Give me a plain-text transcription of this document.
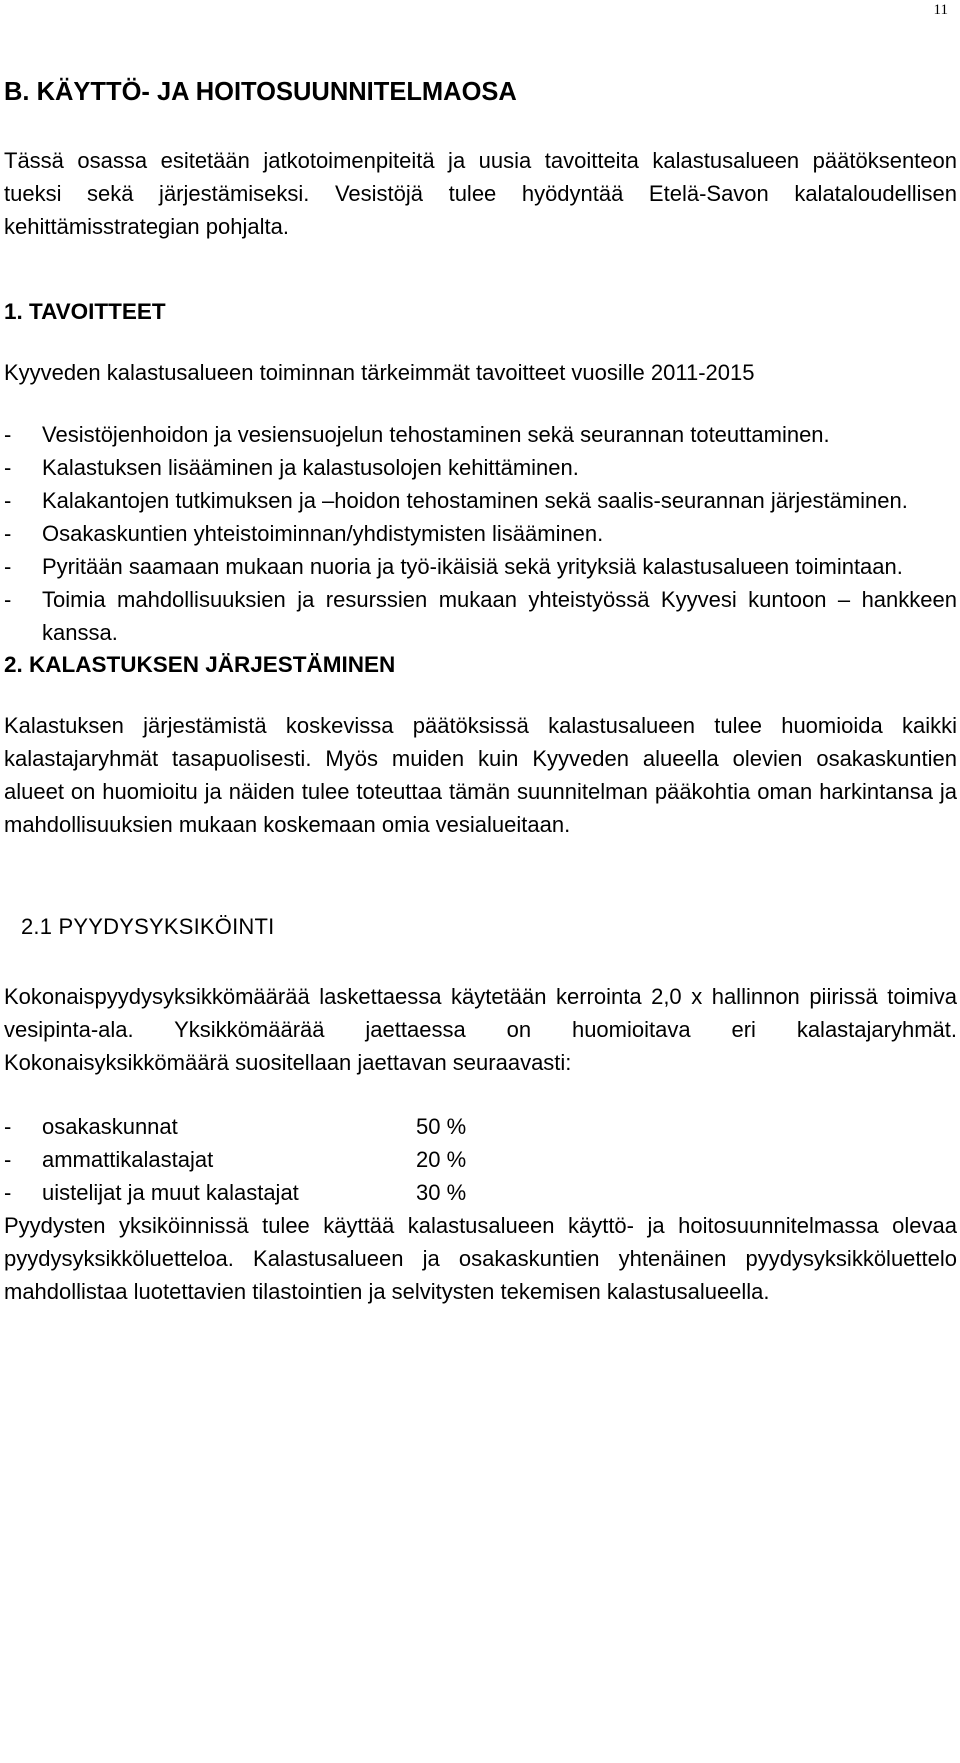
11
B. KÄYTTÖ- JA HOITOSUUNNITELMAOSA

Tässä osassa esitetään jatkotoimenpiteitä ja uusia tavoitteita kalastusalueen päätöksenteon tueksi sekä järjestämiseksi. Vesistöjä tulee hyödyntää Etelä-Savon kalataloudellisen kehittämisstrategian pohjalta.

1. TAVOITTEET

Kyyveden kalastusalueen toiminnan tärkeimmät tavoitteet vuosille 2011-2015

- Vesistöjenhoidon ja vesiensuojelun tehostaminen sekä seurannan toteuttaminen.
- Kalastuksen lisääminen ja kalastusolojen kehittäminen.
- Kalakantojen tutkimuksen ja –hoidon tehostaminen sekä saalis-seurannan järjestäminen.
- Osakaskuntien yhteistoiminnan/yhdistymisten lisääminen.
- Pyritään saamaan mukaan nuoria ja työ-ikäisiä sekä yrityksiä kalastusalueen toimintaan.
- Toimia mahdollisuuksien ja resurssien mukaan yhteistyössä Kyyvesi kuntoon – hankkeen kanssa.
2. KALASTUKSEN JÄRJESTÄMINEN

Kalastuksen järjestämistä koskevissa päätöksissä kalastusalueen tulee huomioida kaikki kalastajaryhmät tasapuolisesti. Myös muiden kuin Kyyveden alueella olevien osakaskuntien alueet on huomioitu ja näiden tulee toteuttaa tämän suunnitelman pääkohtia oman harkintansa ja mahdollisuuksien mukaan koskemaan omia vesialueitaan.

2.1 PYYDYSYKSIKÖINTI

Kokonaispyydysyksikkömäärää laskettaessa käytetään kerrointa 2,0 x hallinnon piirissä toimiva vesipinta-ala. Yksikkömäärää jaettaessa on huomioitava eri kalastajaryhmät. Kokonaisyksikkömäärä suositellaan jaettavan seuraavasti:

- osakaskunnat	50 %
- ammattikalastajat	20 %
- uistelijat ja muut kalastajat	30 %

Pyydysten yksiköinnissä tulee käyttää kalastusalueen käyttö- ja hoitosuunnitelmassa olevaa pyydysyksikköluetteloa. Kalastusalueen ja osakaskuntien yhtenäinen pyydysyksikköluettelo mahdollistaa luotettavien tilastointien ja selvitysten tekemisen kalastusalueella.
